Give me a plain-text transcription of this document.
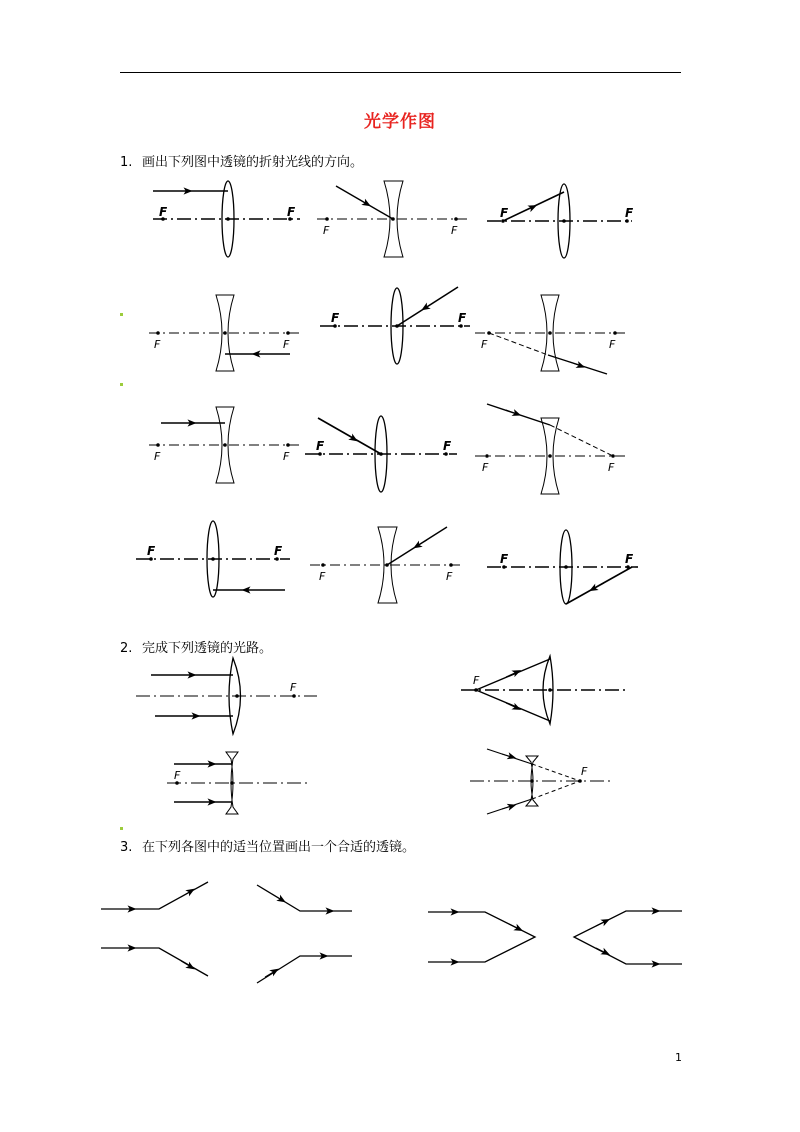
光学作图
1. 画出下列图中透镜的折射光线的方向。
2. 完成下列透镜的光路。
3. 在下列各图中的适当位置画出一个合适的透镜。
F	F
F	F
F	F
F	F
F	F
F	F
F	F
F	F
F	F
F	F
F	F
F	F
F
F
F	F
1
